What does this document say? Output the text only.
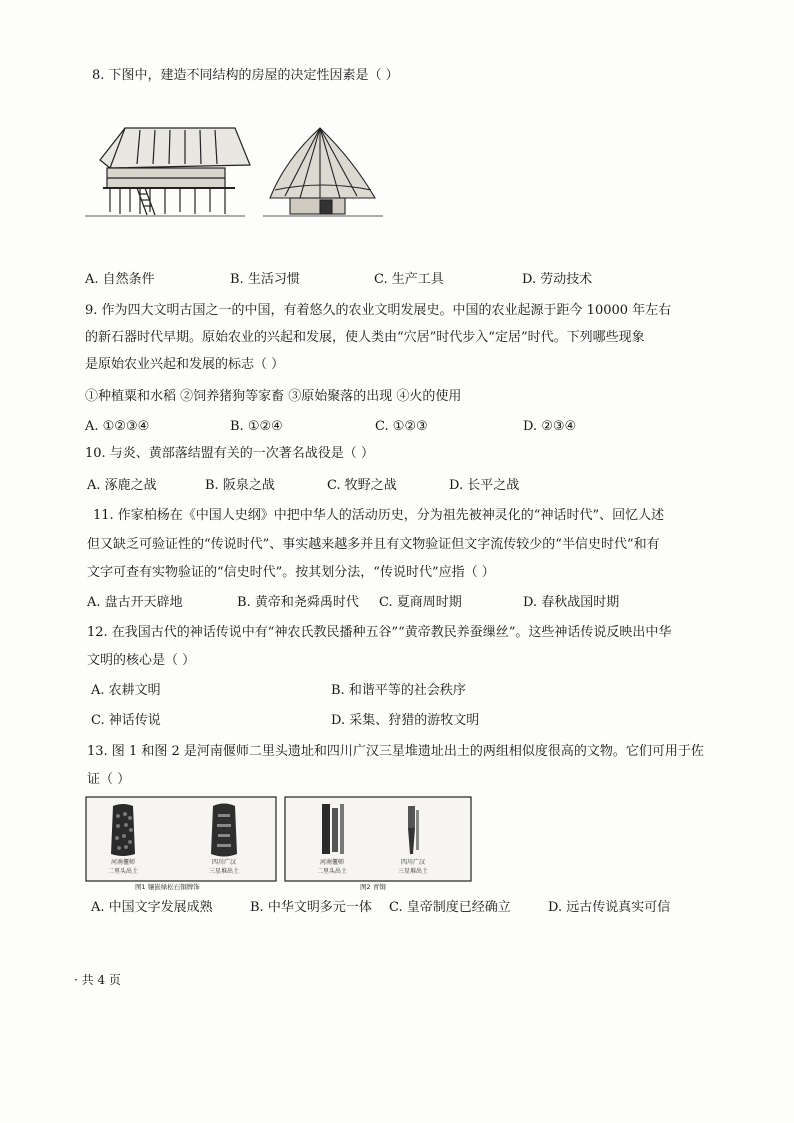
8. 下图中，建造不同结构的房屋的决定性因素是（ ）
A. 自然条件	B. 生活习惯	C. 生产工具	D. 劳动技术
9. 作为四大文明古国之一的中国，有着悠久的农业文明发展史。中国的农业起源于距今 10000 年左右
的新石器时代早期。原始农业的兴起和发展，使人类由“穴居”时代步入“定居”时代。下列哪些现象
是原始农业兴起和发展的标志（ ）
①种植粟和水稻 ②饲养猪狗等家畜 ③原始聚落的出现 ④火的使用
A. ①②③④	B. ①②④	C. ①②③	D. ②③④
10. 与炎、黄部落结盟有关的一次著名战役是（ ）
A. 涿鹿之战	B. 阪泉之战	C. 牧野之战	D. 长平之战
11. 作家柏杨在《中国人史纲》中把中华人的活动历史，分为祖先被神灵化的“神话时代”、回忆人述
但又缺乏可验证性的“传说时代”、事实越来越多并且有文物验证但文字流传较少的“半信史时代”和有
文字可查有实物验证的“信史时代”。按其划分法，“传说时代”应指（ ）
A. 盘古开天辟地	B. 黄帝和尧舜禹时代 C. 夏商周时期	D. 春秋战国时期
12. 在我国古代的神话传说中有“神农氏教民播种五谷”“黄帝教民养蚕缫丝”。这些神话传说反映出中华
文明的核心是（ ）
A. 农耕文明	B. 和谐平等的社会秩序
C. 神话传说	D. 采集、狩猎的游牧文明
13. 图 1 和图 2 是河南偃师二里头遗址和四川广汉三星堆遗址出土的两组相似度很高的文物。它们可用于佐
证（ ）
河南偃师
二里头出土
四川广汉
三星堆出土
图1 镶嵌绿松石铜牌饰
河南偃师
二里头出土
四川广汉
三星堆出土
图2 青铜
A. 中国文字发展成熟	B. 中华文明多元一体 C. 皇帝制度已经确立	D. 远古传说真实可信
· 共 4 页
